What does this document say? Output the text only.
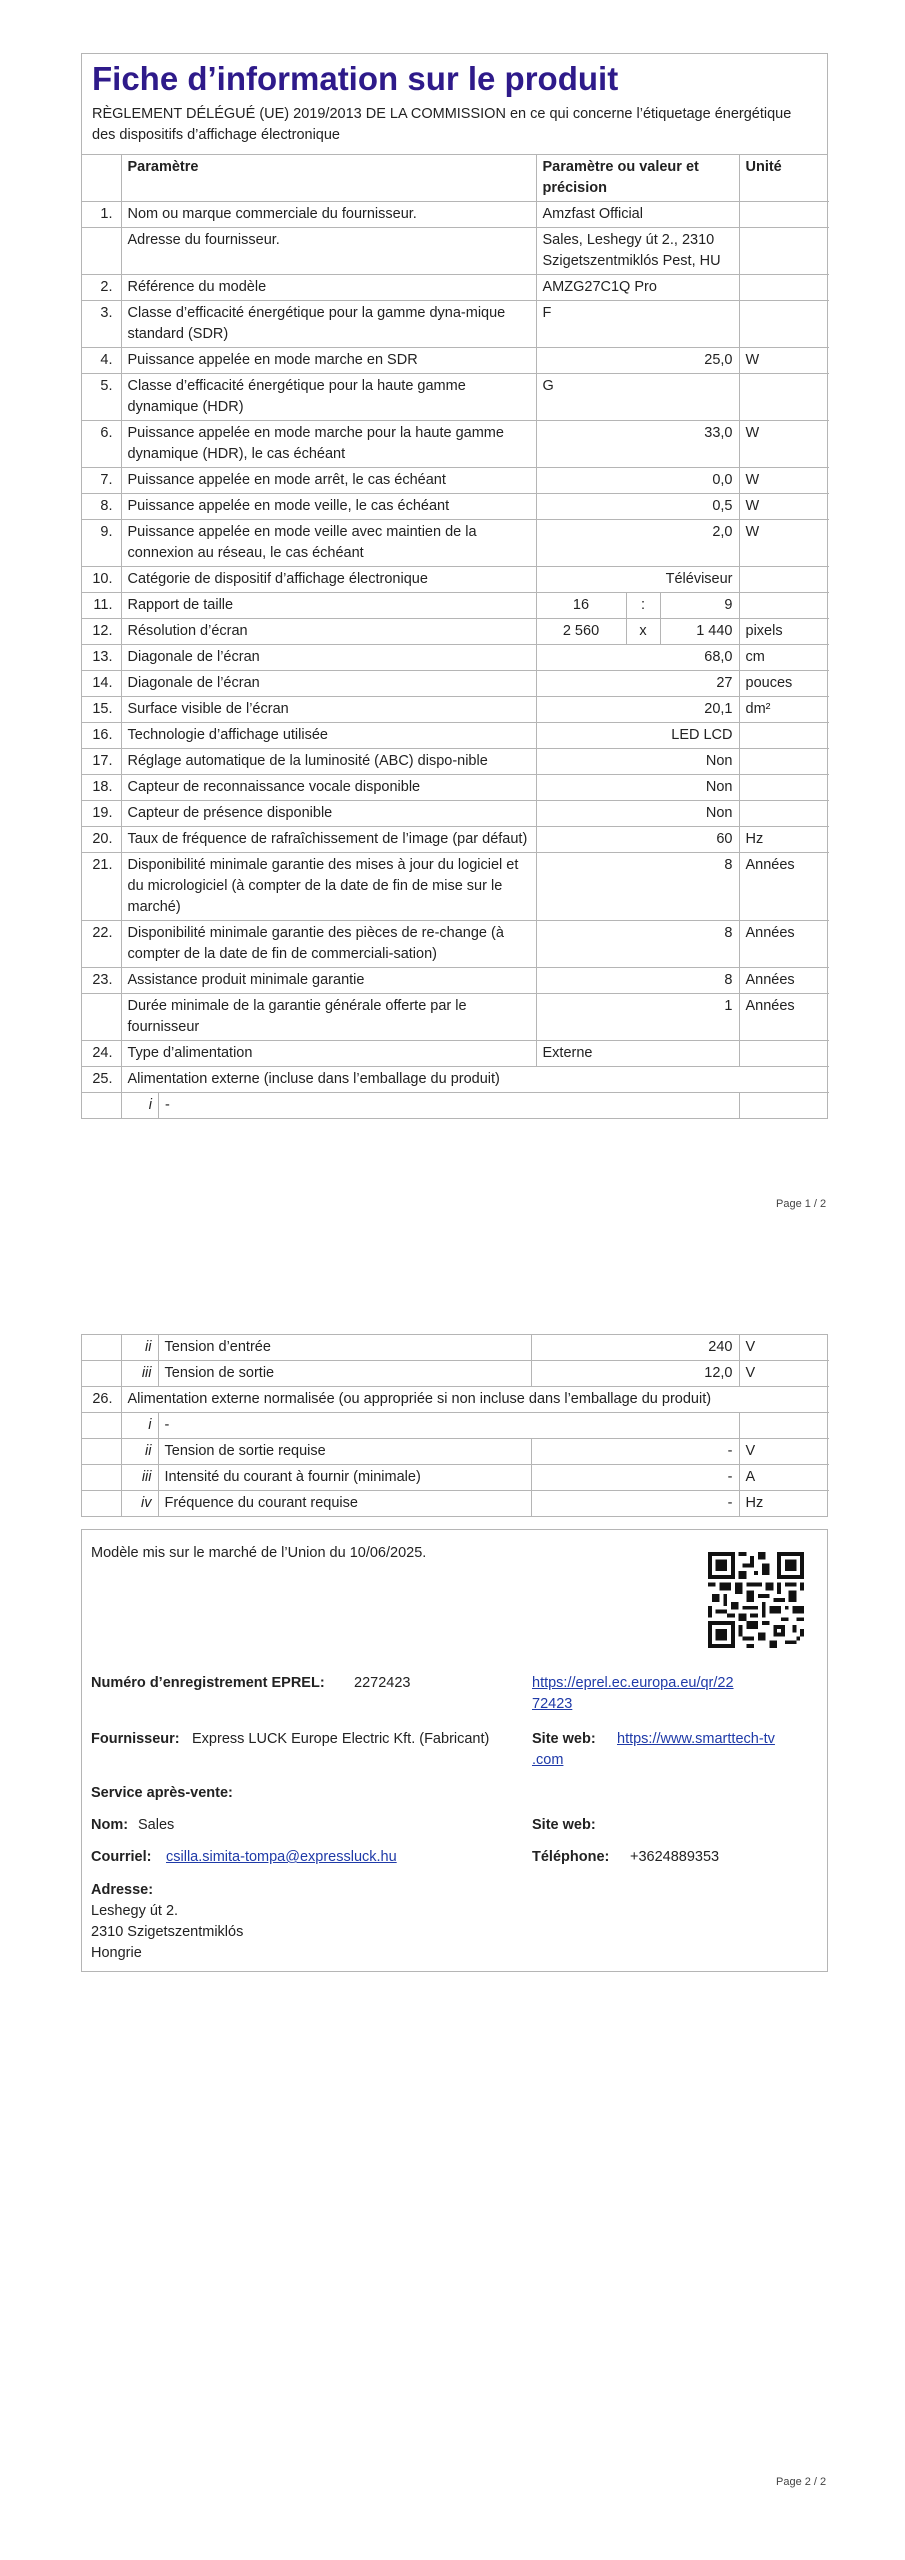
Fiche d’information sur le produit
RÈGLEMENT DÉLÉGUÉ (UE) 2019/2013 DE LA COMMISSION en ce qui concerne l’étiquetage énergétique des dispositifs d’affichage électronique
	Paramètre	Paramètre ou valeur et précision	Unité
1.	Nom ou marque commerciale du fournisseur.	Amzfast Official	
	Adresse du fournisseur.	Sales, Leshegy út 2., 2310 Szigetszentmiklós Pest, HU	
2.	Référence du modèle	AMZG27C1Q Pro	
3.	Classe d’efficacité énergétique pour la gamme dyna-mique standard (SDR)	F	
4.	Puissance appelée en mode marche en SDR	25,0	W
5.	Classe d’efficacité énergétique pour la haute gamme dynamique (HDR)	G	
6.	Puissance appelée en mode marche pour la haute gamme dynamique (HDR), le cas échéant	33,0	W
7.	Puissance appelée en mode arrêt, le cas échéant	0,0	W
8.	Puissance appelée en mode veille, le cas échéant	0,5	W
9.	Puissance appelée en mode veille avec maintien de la connexion au réseau, le cas échéant	2,0	W
10.	Catégorie de dispositif d’affichage électronique	Téléviseur	
11.	Rapport de taille	16	:	9	
12.	Résolution d’écran	2 560	x	1 440	pixels
13.	Diagonale de l’écran	68,0	cm
14.	Diagonale de l’écran	27	pouces
15.	Surface visible de l’écran	20,1	dm²
16.	Technologie d’affichage utilisée	LED LCD	
17.	Réglage automatique de la luminosité (ABC) dispo-nible	Non	
18.	Capteur de reconnaissance vocale disponible	Non	
19.	Capteur de présence disponible	Non	
20.	Taux de fréquence de rafraîchissement de l’image (par défaut)	60	Hz
21.	Disponibilité minimale garantie des mises à jour du logiciel et du micrologiciel (à compter de la date de fin de mise sur le marché)	8	Années
22.	Disponibilité minimale garantie des pièces de re-change (à compter de la date de fin de commerciali-sation)	8	Années
23.	Assistance produit minimale garantie	8	Années
	Durée minimale de la garantie générale offerte par le fournisseur	1	Années
24.	Type d’alimentation	Externe	
25.	Alimentation externe (incluse dans l’emballage du produit)

i	-

Page 1 / 2
	ii	Tension d’entrée	240	V
	iii	Tension de sortie	12,0	V
26.	Alimentation externe normalisée (ou appropriée si non incluse dans l’emballage du produit)			
	i	-		
	ii	Tension de sortie requise	-	V
	iii	Intensité du courant à fournir (minimale)	-	A
	iv	Fréquence du courant requise	-	Hz
Modèle mis sur le marché de l’Union du 10/06/2025.
Numéro d’enregistrement EPREL: 2272423	https://eprel.ec.europa.eu/qr/22
72423
Fournisseur: Express LUCK Europe Electric Kft. (Fabricant)	Site web: https://www.smarttech-tv
.com
Service après-vente:
Nom: Sales	Site web:
Courriel: csilla.simita-tompa@expressluck.hu	Téléphone: +3624889353
Adresse:
Leshegy út 2.
2310 Szigetszentmiklós
Hongrie
Page 2 / 2
